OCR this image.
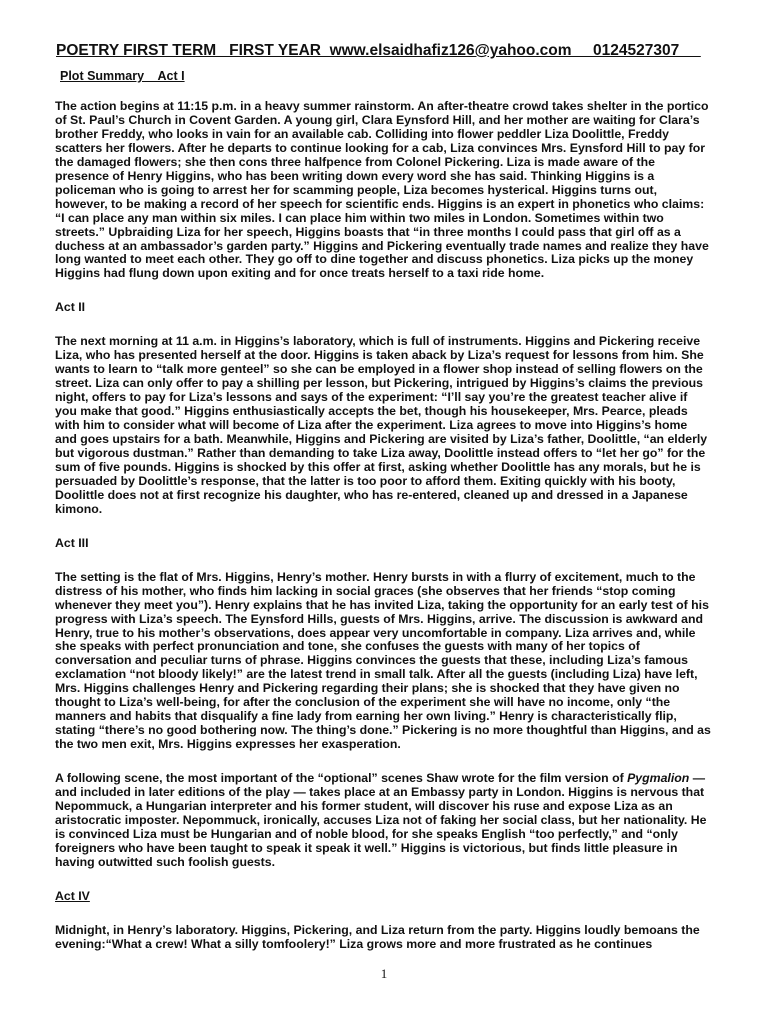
POETRY FIRST TERM   FIRST YEAR  www.elsaidhafiz126@yahoo.com     0124527307
Plot Summary    Act I

The action begins at 11:15 p.m. in a heavy summer rainstorm. An after-theatre crowd takes shelter in the portico of St. Paul’s Church in Covent Garden. A young girl, Clara Eynsford Hill, and her mother are waiting for Clara’s brother Freddy, who looks in vain for an available cab. Colliding into flower peddler Liza Doolittle, Freddy scatters her flowers. After he departs to continue looking for a cab, Liza convinces Mrs. Eynsford Hill to pay for the damaged flowers; she then cons three halfpence from Colonel Pickering. Liza is made aware of the presence of Henry Higgins, who has been writing down every word she has said. Thinking Higgins is a policeman who is going to arrest her for scamming people, Liza becomes hysterical. Higgins turns out, however, to be making a record of her speech for scientific ends. Higgins is an expert in phonetics who claims: “I can place any man within six miles. I can place him within two miles in London. Sometimes within two streets.” Upbraiding Liza for her speech, Higgins boasts that “in three months I could pass that girl off as a duchess at an ambassador’s garden party.” Higgins and Pickering eventually trade names and realize they have long wanted to meet each other. They go off to dine together and discuss phonetics. Liza picks up the money Higgins had flung down upon exiting and for once treats herself to a taxi ride home.

Act II

The next morning at 11 a.m. in Higgins’s laboratory, which is full of instruments. Higgins and Pickering receive Liza, who has presented herself at the door. Higgins is taken aback by Liza’s request for lessons from him. She wants to learn to “talk more genteel” so she can be employed in a flower shop instead of selling flowers on the street. Liza can only offer to pay a shilling per lesson, but Pickering, intrigued by Higgins’s claims the previous night, offers to pay for Liza’s lessons and says of the experiment: “I’ll say you’re the greatest teacher alive if you make that good.” Higgins enthusiastically accepts the bet, though his housekeeper, Mrs. Pearce, pleads with him to consider what will become of Liza after the experiment. Liza agrees to move into Higgins’s home and goes upstairs for a bath. Meanwhile, Higgins and Pickering are visited by Liza’s father, Doolittle, “an elderly but vigorous dustman.” Rather than demanding to take Liza away, Doolittle instead offers to “let her go” for the sum of five pounds. Higgins is shocked by this offer at first, asking whether Doolittle has any morals, but he is persuaded by Doolittle’s response, that the latter is too poor to afford them. Exiting quickly with his booty, Doolittle does not at first recognize his daughter, who has re-entered, cleaned up and dressed in a Japanese kimono.

Act III

The setting is the flat of Mrs. Higgins, Henry’s mother. Henry bursts in with a flurry of excitement, much to the distress of his mother, who finds him lacking in social graces (she observes that her friends “stop coming whenever they meet you”). Henry explains that he has invited Liza, taking the opportunity for an early test of his progress with Liza’s speech. The Eynsford Hills, guests of Mrs. Higgins, arrive. The discussion is awkward and Henry, true to his mother’s observations, does appear very uncomfortable in company. Liza arrives and, while she speaks with perfect pronunciation and tone, she confuses the guests with many of her topics of conversation and peculiar turns of phrase. Higgins convinces the guests that these, including Liza’s famous exclamation “not bloody likely!” are the latest trend in small talk. After all the guests (including Liza) have left, Mrs. Higgins challenges Henry and Pickering regarding their plans; she is shocked that they have given no thought to Liza’s well-being, for after the conclusion of the experiment she will have no income, only “the manners and habits that disqualify a fine lady from earning her own living.” Henry is characteristically flip, stating “there’s no good bothering now. The thing’s done.” Pickering is no more thoughtful than Higgins, and as the two men exit, Mrs. Higgins expresses her exasperation.

A following scene, the most important of the “optional” scenes Shaw wrote for the film version of Pygmalion — and included in later editions of the play — takes place at an Embassy party in London. Higgins is nervous that Nepommuck, a Hungarian interpreter and his former student, will discover his ruse and expose Liza as an aristocratic imposter. Nepommuck, ironically, accuses Liza not of faking her social class, but her nationality. He is convinced Liza must be Hungarian and of noble blood, for she speaks English “too perfectly,” and “only foreigners who have been taught to speak it speak it well.” Higgins is victorious, but finds little pleasure in having outwitted such foolish guests.

Act IV

Midnight, in Henry’s laboratory. Higgins, Pickering, and Liza return from the party. Higgins loudly bemoans the evening:“What a crew! What a silly tomfoolery!” Liza grows more and more frustrated as he continues

1
